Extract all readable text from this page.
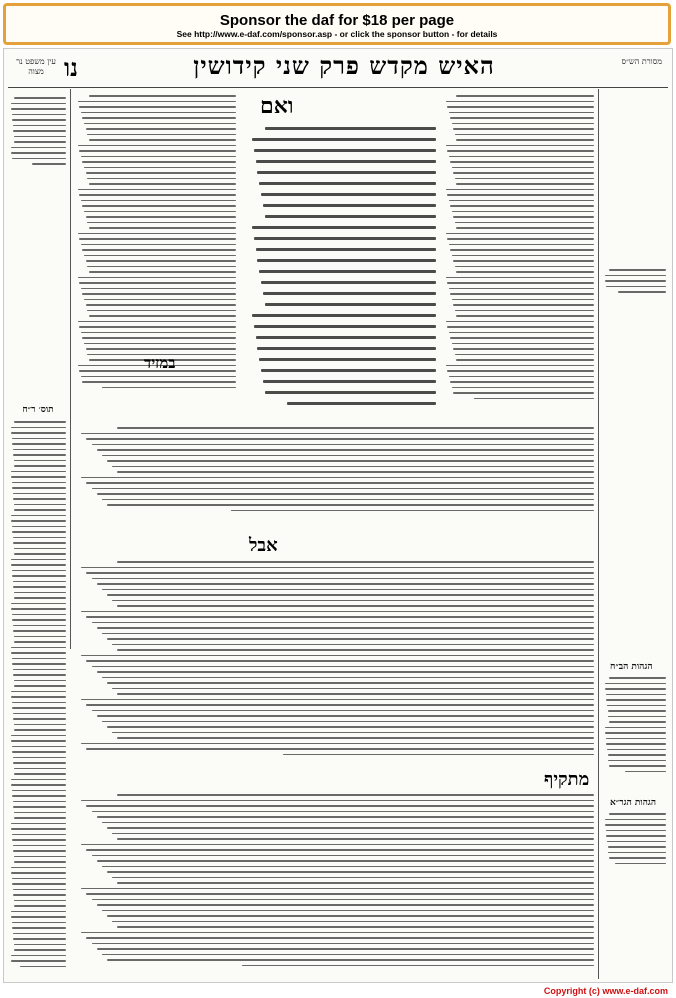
Sponsor the daf for $18 per page
See http://www.e-daf.com/sponsor.asp - or click the sponsor button - for details
עין משפט נר מצוה נו	האיש מקדש פרק שני קידושין	מסורת הש״ס
תוס׳ ר״ח
הגהות הב״ח
הגהות הגר״א
במזיד
ואם
אבל
מתקיף
Copyright (c) www.e-daf.com
